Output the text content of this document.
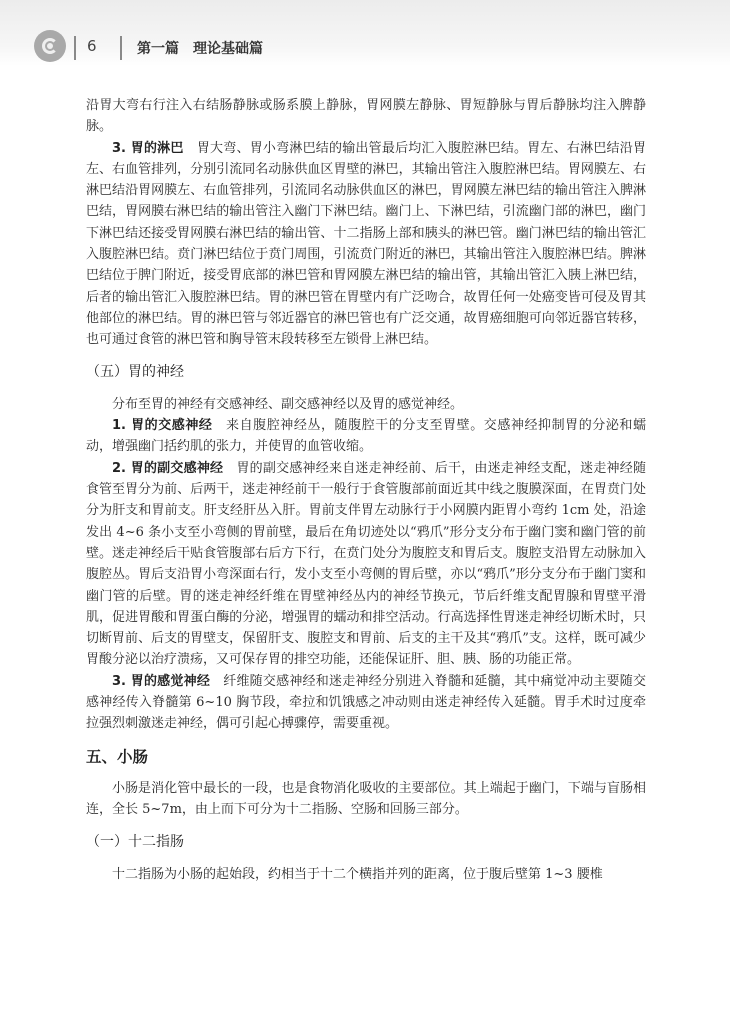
6	第一篇　理论基础篇

沿胃大弯右行注入右结肠静脉或肠系膜上静脉，胃网膜左静脉、胃短静脉与胃后静脉均注入脾静脉。

3. 胃的淋巴　胃大弯、胃小弯淋巴结的输出管最后均汇入腹腔淋巴结。胃左、右淋巴结沿胃左、右血管排列，分别引流同名动脉供血区胃壁的淋巴，其输出管注入腹腔淋巴结。胃网膜左、右淋巴结沿胃网膜左、右血管排列，引流同名动脉供血区的淋巴，胃网膜左淋巴结的输出管注入脾淋巴结，胃网膜右淋巴结的输出管注入幽门下淋巴结。幽门上、下淋巴结，引流幽门部的淋巴，幽门下淋巴结还接受胃网膜右淋巴结的输出管、十二指肠上部和胰头的淋巴管。幽门淋巴结的输出管汇入腹腔淋巴结。贲门淋巴结位于贲门周围，引流贲门附近的淋巴，其输出管注入腹腔淋巴结。脾淋巴结位于脾门附近，接受胃底部的淋巴管和胃网膜左淋巴结的输出管，其输出管汇入胰上淋巴结，后者的输出管汇入腹腔淋巴结。胃的淋巴管在胃壁内有广泛吻合，故胃任何一处癌变皆可侵及胃其他部位的淋巴结。胃的淋巴管与邻近器官的淋巴管也有广泛交通，故胃癌细胞可向邻近器官转移，也可通过食管的淋巴管和胸导管末段转移至左锁骨上淋巴结。

（五）胃的神经

分布至胃的神经有交感神经、副交感神经以及胃的感觉神经。

1. 胃的交感神经　来自腹腔神经丛，随腹腔干的分支至胃壁。交感神经抑制胃的分泌和蠕动，增强幽门括约肌的张力，并使胃的血管收缩。

2. 胃的副交感神经　胃的副交感神经来自迷走神经前、后干，由迷走神经支配，迷走神经随食管至胃分为前、后两干，迷走神经前干一般行于食管腹部前面近其中线之腹膜深面，在胃贲门处分为肝支和胃前支。肝支经肝丛入肝。胃前支伴胃左动脉行于小网膜内距胃小弯约 1cm 处，沿途发出 4~6 条小支至小弯侧的胃前壁，最后在角切迹处以“鸦爪”形分支分布于幽门窦和幽门管的前壁。迷走神经后干贴食管腹部右后方下行，在贲门处分为腹腔支和胃后支。腹腔支沿胃左动脉加入腹腔丛。胃后支沿胃小弯深面右行，发小支至小弯侧的胃后壁，亦以“鸦爪”形分支分布于幽门窦和幽门管的后壁。胃的迷走神经纤维在胃壁神经丛内的神经节换元，节后纤维支配胃腺和胃壁平滑肌，促进胃酸和胃蛋白酶的分泌，增强胃的蠕动和排空活动。行高选择性胃迷走神经切断术时，只切断胃前、后支的胃壁支，保留肝支、腹腔支和胃前、后支的主干及其“鸦爪”支。这样，既可减少胃酸分泌以治疗溃疡，又可保存胃的排空功能，还能保证肝、胆、胰、肠的功能正常。

3. 胃的感觉神经　纤维随交感神经和迷走神经分别进入脊髓和延髓，其中痛觉冲动主要随交感神经传入脊髓第 6~10 胸节段，牵拉和饥饿感之冲动则由迷走神经传入延髓。胃手术时过度牵拉强烈刺激迷走神经，偶可引起心搏骤停，需要重视。

五、小肠

小肠是消化管中最长的一段，也是食物消化吸收的主要部位。其上端起于幽门，下端与盲肠相连，全长 5~7m，由上而下可分为十二指肠、空肠和回肠三部分。

（一）十二指肠

十二指肠为小肠的起始段，约相当于十二个横指并列的距离，位于腹后壁第 1~3 腰椎
